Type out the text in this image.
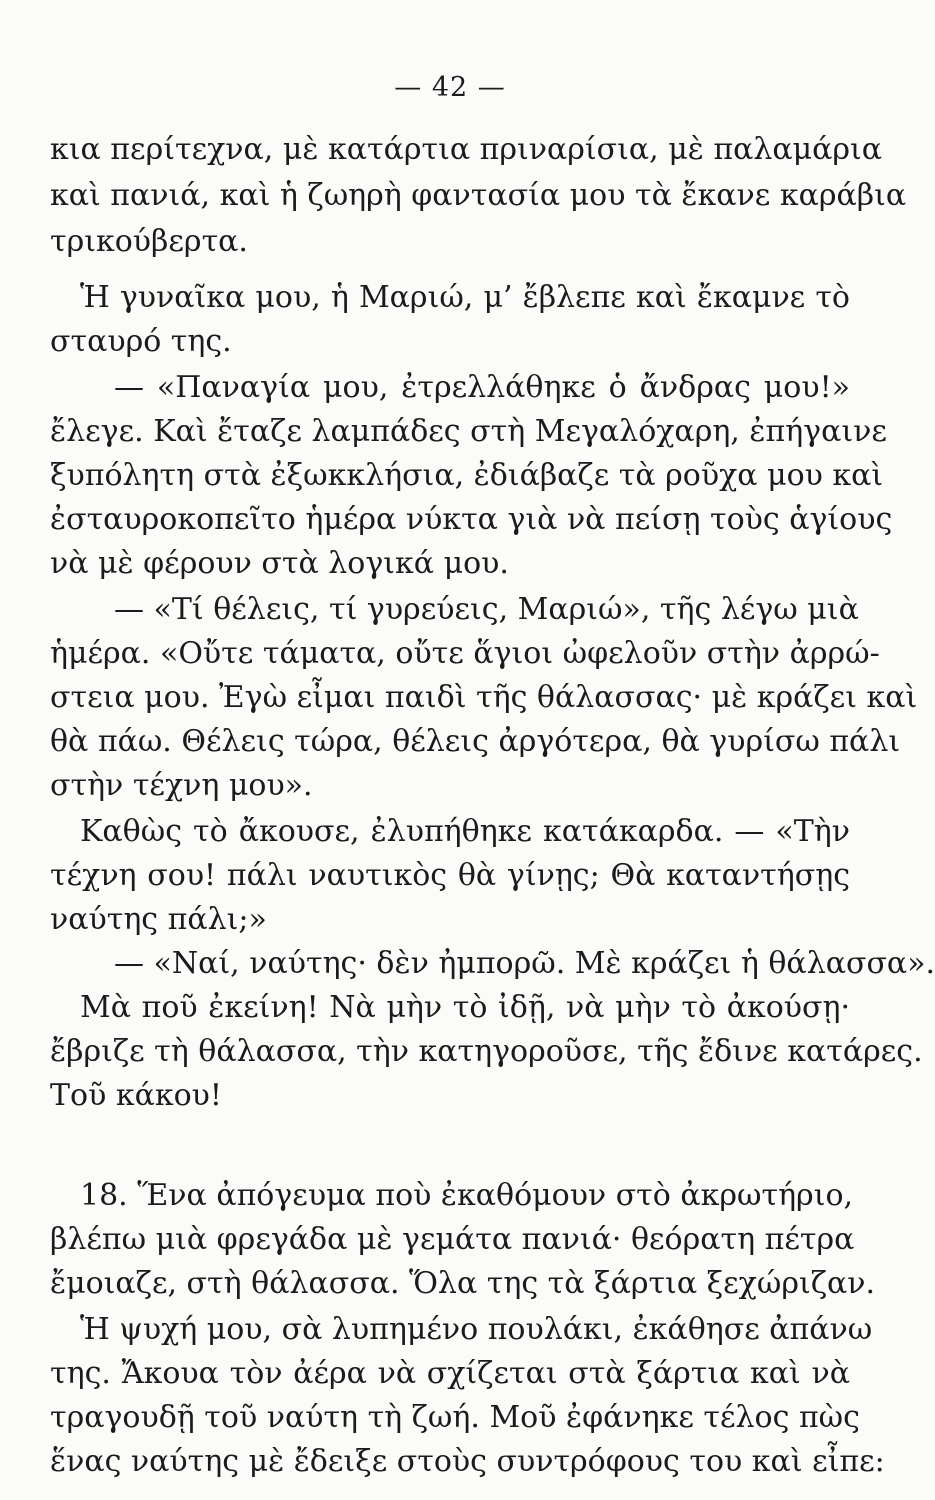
— 42 —
κια περίτεχνα, μὲ κατάρτια πριναρίσια, μὲ παλαμάρια
καὶ πανιά, καὶ ἡ ζωηρὴ φαντασία μου τὰ ἔκανε καράβια
τρικούβερτα.
Ἡ γυναῖκα μου, ἡ Μαριώ, μ’ ἔβλεπε καὶ ἔκαμνε τὸ
σταυρό της.
— «Παναγία μου, ἐτρελλάθηκε ὁ ἄνδρας μου!»
ἔλεγε. Καὶ ἔταζε λαμπάδες στὴ Μεγαλόχαρη, ἐπήγαινε
ξυπόλητη στὰ ἐξωκκλήσια, ἐδιάβαζε τὰ ροῦχα μου καὶ
ἐσταυροκοπεῖτο ἡμέρα νύκτα γιὰ νὰ πείσῃ τοὺς ἁγίους
νὰ μὲ φέρουν στὰ λογικά μου.
— «Τί θέλεις, τί γυρεύεις, Μαριώ», τῆς λέγω μιὰ
ἡμέρα. «Οὔτε τάματα, οὔτε ἅγιοι ὠφελοῦν στὴν ἀρρώ-
στεια μου. Ἐγὼ εἶμαι παιδὶ τῆς θάλασσας· μὲ κράζει καὶ
θὰ πάω. Θέλεις τώρα, θέλεις ἀργότερα, θὰ γυρίσω πάλι
στὴν τέχνη μου».
Καθὼς τὸ ἄκουσε, ἐλυπήθηκε κατάκαρδα. — «Τὴν
τέχνη σου! πάλι ναυτικὸς θὰ γίνῃς; Θὰ καταντήσῃς
ναύτης πάλι;»
— «Ναί, ναύτης· δὲν ἠμπορῶ. Μὲ κράζει ἡ θάλασσα».
Μὰ ποῦ ἐκείνη! Νὰ μὴν τὸ ἰδῇ, νὰ μὴν τὸ ἀκούσῃ·
ἔβριζε τὴ θάλασσα, τὴν κατηγοροῦσε, τῆς ἔδινε κατάρες.
Τοῦ κάκου!
18. Ἕνα ἀπόγευμα ποὺ ἐκαθόμουν στὸ ἀκρωτήριο,
βλέπω μιὰ φρεγάδα μὲ γεμάτα πανιά· θεόρατη πέτρα
ἔμοιαζε, στὴ θάλασσα. Ὅλα της τὰ ξάρτια ξεχώριζαν.
Ἡ ψυχή μου, σὰ λυπημένο πουλάκι, ἐκάθησε ἀπάνω
της. Ἄκουα τὸν ἀέρα νὰ σχίζεται στὰ ξάρτια καὶ νὰ
τραγουδῇ τοῦ ναύτη τὴ ζωή. Μοῦ ἐφάνηκε τέλος πὼς
ἕνας ναύτης μὲ ἔδειξε στοὺς συντρόφους του καὶ εἶπε:
